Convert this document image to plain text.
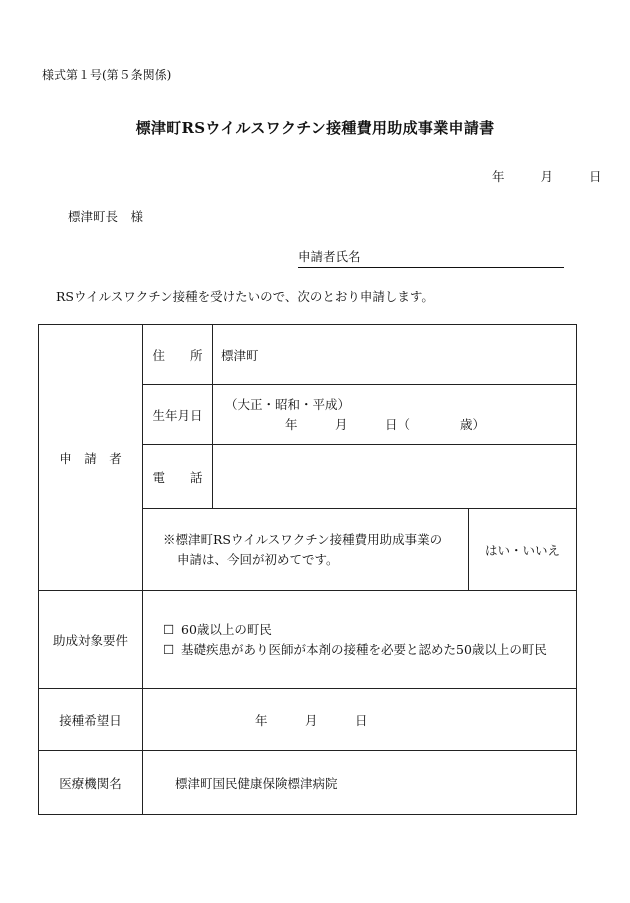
様式第１号(第５条関係)
標津町RSウイルスワクチン接種費用助成事業申請書
年	月	日
標津町長　様
申請者氏名
RSウイルスワクチン接種を受けたいので、次のとおり申請します。
申　請　者	住　　所	標津町	
	生年月日	（大正・昭和・平成）
年　　　月　　　日（　　　　歳）	

	電　　話		

	※標津町RSウイルスワクチン接種費用助成事業の
申請は、今回が初めてです。		はい・いいえ
助成対象要件	☐ 60歳以上の町民
☐ 基礎疾患があり医師が本剤の接種を必要と認めた50歳以上の町民		

接種希望日	年　　　月　　　日		
医療機関名	標津町国民健康保険標津病院		
